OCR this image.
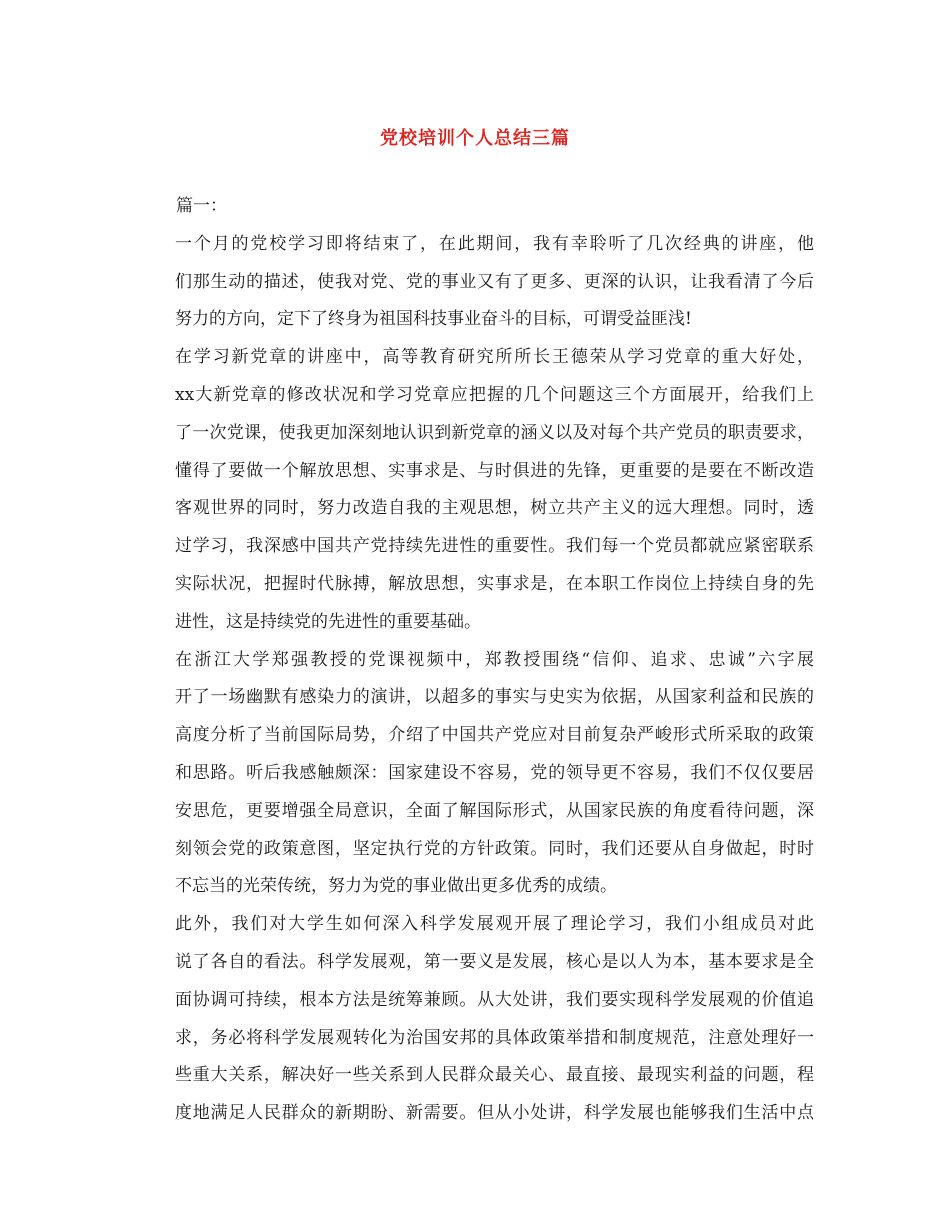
党校培训个人总结三篇

篇一：

一个月的党校学习即将结束了，在此期间，我有幸聆听了几次经典的讲座，他
们那生动的描述，使我对党、党的事业又有了更多、更深的认识，让我看清了今后
努力的方向，定下了终身为祖国科技事业奋斗的目标，可谓受益匪浅!

在学习新党章的讲座中，高等教育研究所所长王德荣从学习党章的重大好处，
xx大新党章的修改状况和学习党章应把握的几个问题这三个方面展开，给我们上
了一次党课，使我更加深刻地认识到新党章的涵义以及对每个共产党员的职责要求，
懂得了要做一个解放思想、实事求是、与时俱进的先锋，更重要的是要在不断改造
客观世界的同时，努力改造自我的主观思想，树立共产主义的远大理想。同时，透
过学习，我深感中国共产党持续先进性的重要性。我们每一个党员都就应紧密联系
实际状况，把握时代脉搏，解放思想，实事求是，在本职工作岗位上持续自身的先
进性，这是持续党的先进性的重要基础。

在浙江大学郑强教授的党课视频中，郑教授围绕“信仰、追求、忠诚”六字展
开了一场幽默有感染力的演讲，以超多的事实与史实为依据，从国家利益和民族的
高度分析了当前国际局势，介绍了中国共产党应对目前复杂严峻形式所采取的政策
和思路。听后我感触颇深：国家建设不容易，党的领导更不容易，我们不仅仅要居
安思危，更要增强全局意识，全面了解国际形式，从国家民族的角度看待问题，深
刻领会党的政策意图，坚定执行党的方针政策。同时，我们还要从自身做起，时时
不忘当的光荣传统，努力为党的事业做出更多优秀的成绩。

此外，我们对大学生如何深入科学发展观开展了理论学习，我们小组成员对此
说了各自的看法。科学发展观，第一要义是发展，核心是以人为本，基本要求是全
面协调可持续，根本方法是统筹兼顾。从大处讲，我们要实现科学发展观的价值追
求，务必将科学发展观转化为治国安邦的具体政策举措和制度规范，注意处理好一
些重大关系，解决好一些关系到人民群众最关心、最直接、最现实利益的问题，程
度地满足人民群众的新期盼、新需要。但从小处讲，科学发展也能够我们生活中点
